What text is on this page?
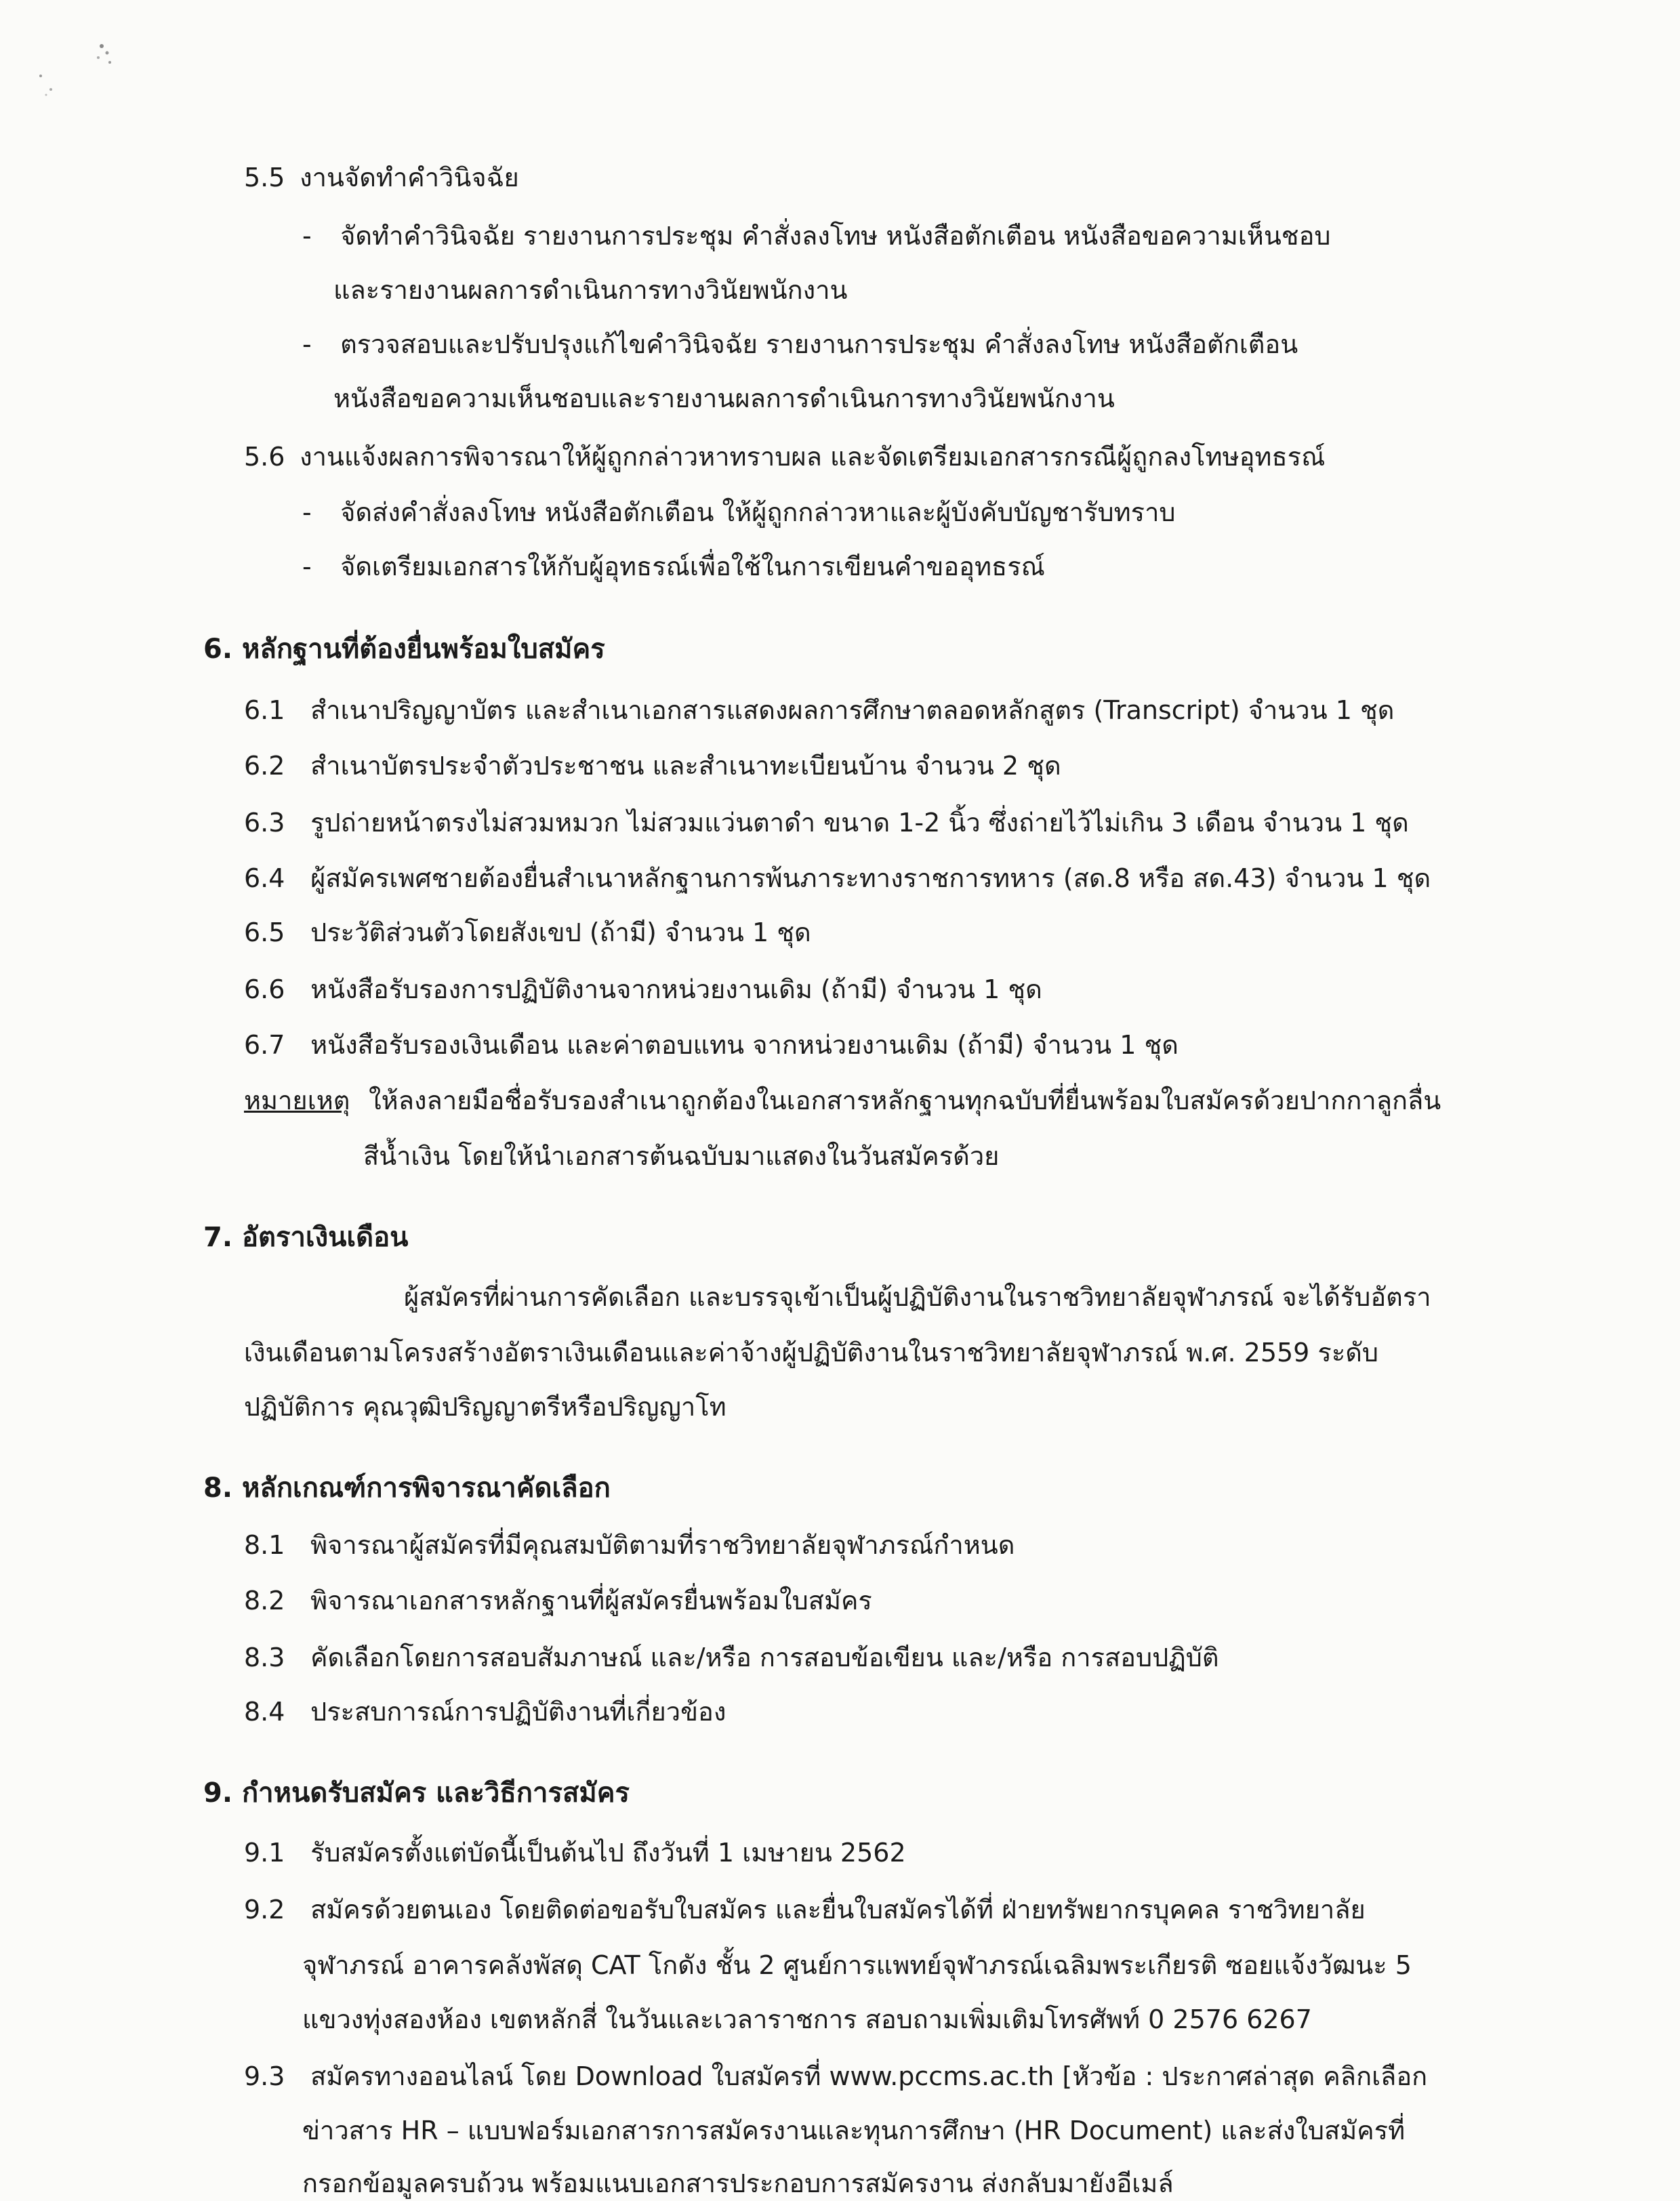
5.5 งานจัดทำคำวินิจฉัย
- จัดทำคำวินิจฉัย รายงานการประชุม คำสั่งลงโทษ หนังสือตักเตือน หนังสือขอความเห็นชอบ
และรายงานผลการดำเนินการทางวินัยพนักงาน
- ตรวจสอบและปรับปรุงแก้ไขคำวินิจฉัย รายงานการประชุม คำสั่งลงโทษ หนังสือตักเตือน
หนังสือขอความเห็นชอบและรายงานผลการดำเนินการทางวินัยพนักงาน
5.6 งานแจ้งผลการพิจารณาให้ผู้ถูกกล่าวหาทราบผล และจัดเตรียมเอกสารกรณีผู้ถูกลงโทษอุทธรณ์
- จัดส่งคำสั่งลงโทษ หนังสือตักเตือน ให้ผู้ถูกกล่าวหาและผู้บังคับบัญชารับทราบ
- จัดเตรียมเอกสารให้กับผู้อุทธรณ์เพื่อใช้ในการเขียนคำขออุทธรณ์
6. หลักฐานที่ต้องยื่นพร้อมใบสมัคร
6.1 สำเนาปริญญาบัตร และสำเนาเอกสารแสดงผลการศึกษาตลอดหลักสูตร (Transcript) จำนวน 1 ชุด
6.2 สำเนาบัตรประจำตัวประชาชน และสำเนาทะเบียนบ้าน จำนวน 2 ชุด
6.3 รูปถ่ายหน้าตรงไม่สวมหมวก ไม่สวมแว่นตาดำ ขนาด 1-2 นิ้ว ซึ่งถ่ายไว้ไม่เกิน 3 เดือน จำนวน 1 ชุด
6.4 ผู้สมัครเพศชายต้องยื่นสำเนาหลักฐานการพ้นภาระทางราชการทหาร (สด.8 หรือ สด.43) จำนวน 1 ชุด
6.5 ประวัติส่วนตัวโดยสังเขป (ถ้ามี) จำนวน 1 ชุด
6.6 หนังสือรับรองการปฏิบัติงานจากหน่วยงานเดิม (ถ้ามี) จำนวน 1 ชุด
6.7 หนังสือรับรองเงินเดือน และค่าตอบแทน จากหน่วยงานเดิม (ถ้ามี) จำนวน 1 ชุด
หมายเหตุ ให้ลงลายมือชื่อรับรองสำเนาถูกต้องในเอกสารหลักฐานทุกฉบับที่ยื่นพร้อมใบสมัครด้วยปากกาลูกลื่น
สีน้ำเงิน โดยให้นำเอกสารต้นฉบับมาแสดงในวันสมัครด้วย
7. อัตราเงินเดือน
ผู้สมัครที่ผ่านการคัดเลือก และบรรจุเข้าเป็นผู้ปฏิบัติงานในราชวิทยาลัยจุฬาภรณ์ จะได้รับอัตรา
เงินเดือนตามโครงสร้างอัตราเงินเดือนและค่าจ้างผู้ปฏิบัติงานในราชวิทยาลัยจุฬาภรณ์ พ.ศ. 2559 ระดับ
ปฏิบัติการ คุณวุฒิปริญญาตรีหรือปริญญาโท
8. หลักเกณฑ์การพิจารณาคัดเลือก
8.1 พิจารณาผู้สมัครที่มีคุณสมบัติตามที่ราชวิทยาลัยจุฬาภรณ์กำหนด
8.2 พิจารณาเอกสารหลักฐานที่ผู้สมัครยื่นพร้อมใบสมัคร
8.3 คัดเลือกโดยการสอบสัมภาษณ์ และ/หรือ การสอบข้อเขียน และ/หรือ การสอบปฏิบัติ
8.4 ประสบการณ์การปฏิบัติงานที่เกี่ยวข้อง
9. กำหนดรับสมัคร และวิธีการสมัคร
9.1 รับสมัครตั้งแต่บัดนี้เป็นต้นไป ถึงวันที่ 1 เมษายน 2562
9.2 สมัครด้วยตนเอง โดยติดต่อขอรับใบสมัคร และยื่นใบสมัครได้ที่ ฝ่ายทรัพยากรบุคคล ราชวิทยาลัย
จุฬาภรณ์ อาคารคลังพัสดุ CAT โกดัง ชั้น 2 ศูนย์การแพทย์จุฬาภรณ์เฉลิมพระเกียรติ ซอยแจ้งวัฒนะ 5
แขวงทุ่งสองห้อง เขตหลักสี่ ในวันและเวลาราชการ สอบถามเพิ่มเติมโทรศัพท์ 0 2576 6267
9.3 สมัครทางออนไลน์ โดย Download ใบสมัครที่ www.pccms.ac.th [หัวข้อ : ประกาศล่าสุด คลิกเลือก
ข่าวสาร HR – แบบฟอร์มเอกสารการสมัครงานและทุนการศึกษา (HR Document) และส่งใบสมัครที่
กรอกข้อมูลครบถ้วน พร้อมแนบเอกสารประกอบการสมัครงาน ส่งกลับมายังอีเมล์
